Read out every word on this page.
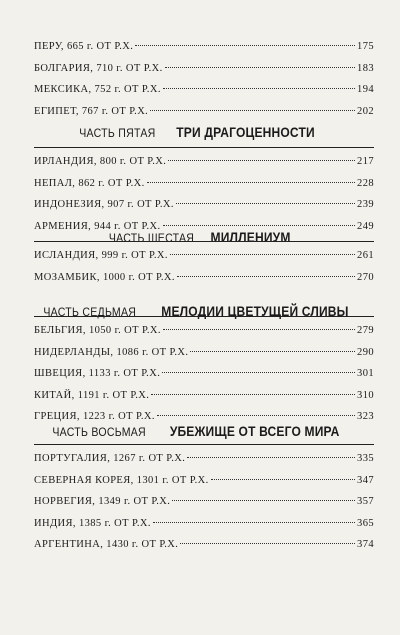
ПЕРУ, 665 г. ОТ Р.Х.	175
БОЛГАРИЯ, 710 г. ОТ Р.Х.	183
МЕКСИКА, 752 г. ОТ Р.Х.	194
ЕГИПЕТ, 767 г. ОТ Р.Х.	202
ЧАСТЬ ПЯТАЯ ТРИ ДРАГОЦЕННОСТИ
ИРЛАНДИЯ, 800 г. ОТ Р.Х.	217
НЕПАЛ, 862 г. ОТ Р.Х.	228
ИНДОНЕЗИЯ, 907 г. ОТ Р.Х.	239
АРМЕНИЯ, 944 г. ОТ Р.Х.	249
ЧАСТЬ ШЕСТАЯ МИЛЛЕНИУМ
ИСЛАНДИЯ, 999 г. ОТ Р.Х.	261
МОЗАМБИК, 1000 г. ОТ Р.Х.	270
ЧАСТЬ СЕДЬМАЯ МЕЛОДИИ ЦВЕТУЩЕЙ СЛИВЫ
БЕЛЬГИЯ, 1050 г. ОТ Р.Х.	279
НИДЕРЛАНДЫ, 1086 г. ОТ Р.Х.	290
ШВЕЦИЯ, 1133 г. ОТ Р.Х.	301
КИТАЙ, 1191 г. ОТ Р.Х.	310
ГРЕЦИЯ, 1223 г. ОТ Р.Х.	323
ЧАСТЬ ВОСЬМАЯ УБЕЖИЩЕ ОТ ВСЕГО МИРА
ПОРТУГАЛИЯ, 1267 г. ОТ Р.Х.	335
СЕВЕРНАЯ КОРЕЯ, 1301 г. ОТ Р.Х.	347
НОРВЕГИЯ, 1349 г. ОТ Р.Х.	357
ИНДИЯ, 1385 г. ОТ Р.Х.	365
АРГЕНТИНА, 1430 г. ОТ Р.Х.	374
